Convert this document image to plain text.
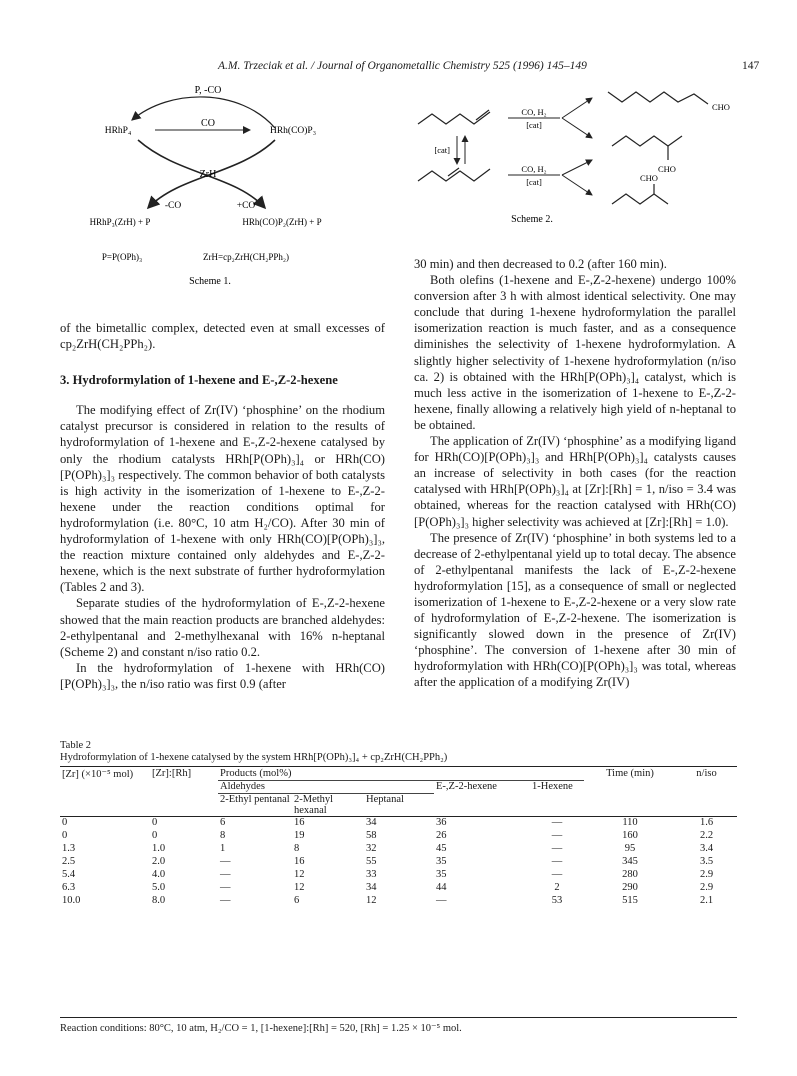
A.M. Trzeciak et al. / Journal of Organometallic Chemistry 525 (1996) 145–149	147
P, -CO
HRhP₄
CO
HRh(CO)P₃
ZrH
-CO	+CO
HRhP₃(ZrH) + P	HRh(CO)P₂(ZrH) + P
P=P(OPh)₃	ZrH=cp₂ZrH(CH₂PPh₂)
Scheme 1.
[cat]
CO, H₂
[cat]
CO, H₂
[cat]
CHO
CHO
CHO
Scheme 2.

of the bimetallic complex, detected even at small excesses of cp₂ZrH(CH₂PPh₂).

3. Hydroformylation of 1-hexene and E-,Z-2-hexene

The modifying effect of Zr(IV) ‘phosphine’ on the rhodium catalyst precursor is considered in relation to the results of hydroformylation of 1-hexene and E-,Z-2-hexene catalysed by only the rhodium catalysts HRh[P(OPh)₃]₄ or HRh(CO)[P(OPh)₃]₃ respectively. The common behavior of both catalysts is high activity in the isomerization of 1-hexene to E-,Z-2-hexene under the reaction conditions optimal for hydroformylation (i.e. 80°C, 10 atm H₂/CO). After 30 min of hydroformylation of 1-hexene with only HRh(CO)[P(OPh)₃]₃, the reaction mixture contained only aldehydes and E-,Z-2-hexene, which is the next substrate of further hydroformylation (Tables 2 and 3).

Separate studies of the hydroformylation of E-,Z-2-hexene showed that the main reaction products are branched aldehydes: 2-ethylpentanal and 2-methylhexanal with 16% n-heptanal (Scheme 2) and constant n/iso ratio 0.2.

In the hydroformylation of 1-hexene with HRh(CO)[P(OPh)₃]₃, the n/iso ratio was first 0.9 (after

30 min) and then decreased to 0.2 (after 160 min).

Both olefins (1-hexene and E-,Z-2-hexene) undergo 100% conversion after 3 h with almost identical selectivity. One may conclude that during 1-hexene hydroformylation the parallel isomerization reaction is much faster, and as a consequence diminishes the selectivity of 1-hexene hydroformylation. A slightly higher selectivity of 1-hexene hydroformylation (n/iso ca. 2) is obtained with the HRh[P(OPh)₃]₄ catalyst, which is much less active in the isomerization of 1-hexene to E-,Z-2-hexene, finally allowing a relatively high yield of n-heptanal to be obtained.

The application of Zr(IV) ‘phosphine’ as a modifying ligand for HRh(CO)[P(OPh)₃]₃ and HRh[P(OPh)₃]₄ catalysts causes an increase of selectivity in both cases (for the reaction catalysed with HRh[P(OPh)₃]₄ at [Zr]:[Rh] = 1, n/iso = 3.4 was obtained, whereas for the reaction catalysed with HRh(CO)[P(OPh)₃]₃ higher selectivity was achieved at [Zr]:[Rh] = 1.0).

The presence of Zr(IV) ‘phosphine’ in both systems led to a decrease of 2-ethylpentanal yield up to total decay. The absence of 2-ethylpentanal manifests the lack of E-,Z-2-hexene hydroformylation [15], as a consequence of small or neglected isomerization of 1-hexene to E-,Z-2-hexene or a very slow rate of hydroformylation of E-,Z-2-hexene. The isomerization is significantly slowed down in the presence of Zr(IV) ‘phosphine’. The conversion of 1-hexene after 30 min of hydroformylation with HRh(CO)[P(OPh)₃]₃ was total, whereas after the application of a modifying Zr(IV)

Table 2
Hydroformylation of 1-hexene catalysed by the system HRh[P(OPh)₃]₄ + cp₂ZrH(CH₂PPh₂)
[Zr] (×10⁻⁵ mol)	[Zr]:[Rh]	Products (mol%)					Time (min)	n/iso
		Aldehydes			E-,Z-2-hexene	1-Hexene		
		2-Ethyl pentanal	2-Methyl hexanal	Heptanal				
0	0	6	16	34	36	—	110	1.6
0	0	8	19	58	26	—	160	2.2
1.3	1.0	1	8	32	45	—	95	3.4
2.5	2.0	—	16	55	35	—	345	3.5
5.4	4.0	—	12	33	35	—	280	2.9
6.3	5.0	—	12	34	44	2	290	2.9
10.0	8.0	—	6	12	—	53	515	2.1
Reaction conditions: 80°C, 10 atm, H₂/CO = 1, [1-hexene]:[Rh] = 520, [Rh] = 1.25 × 10⁻⁵ mol.
